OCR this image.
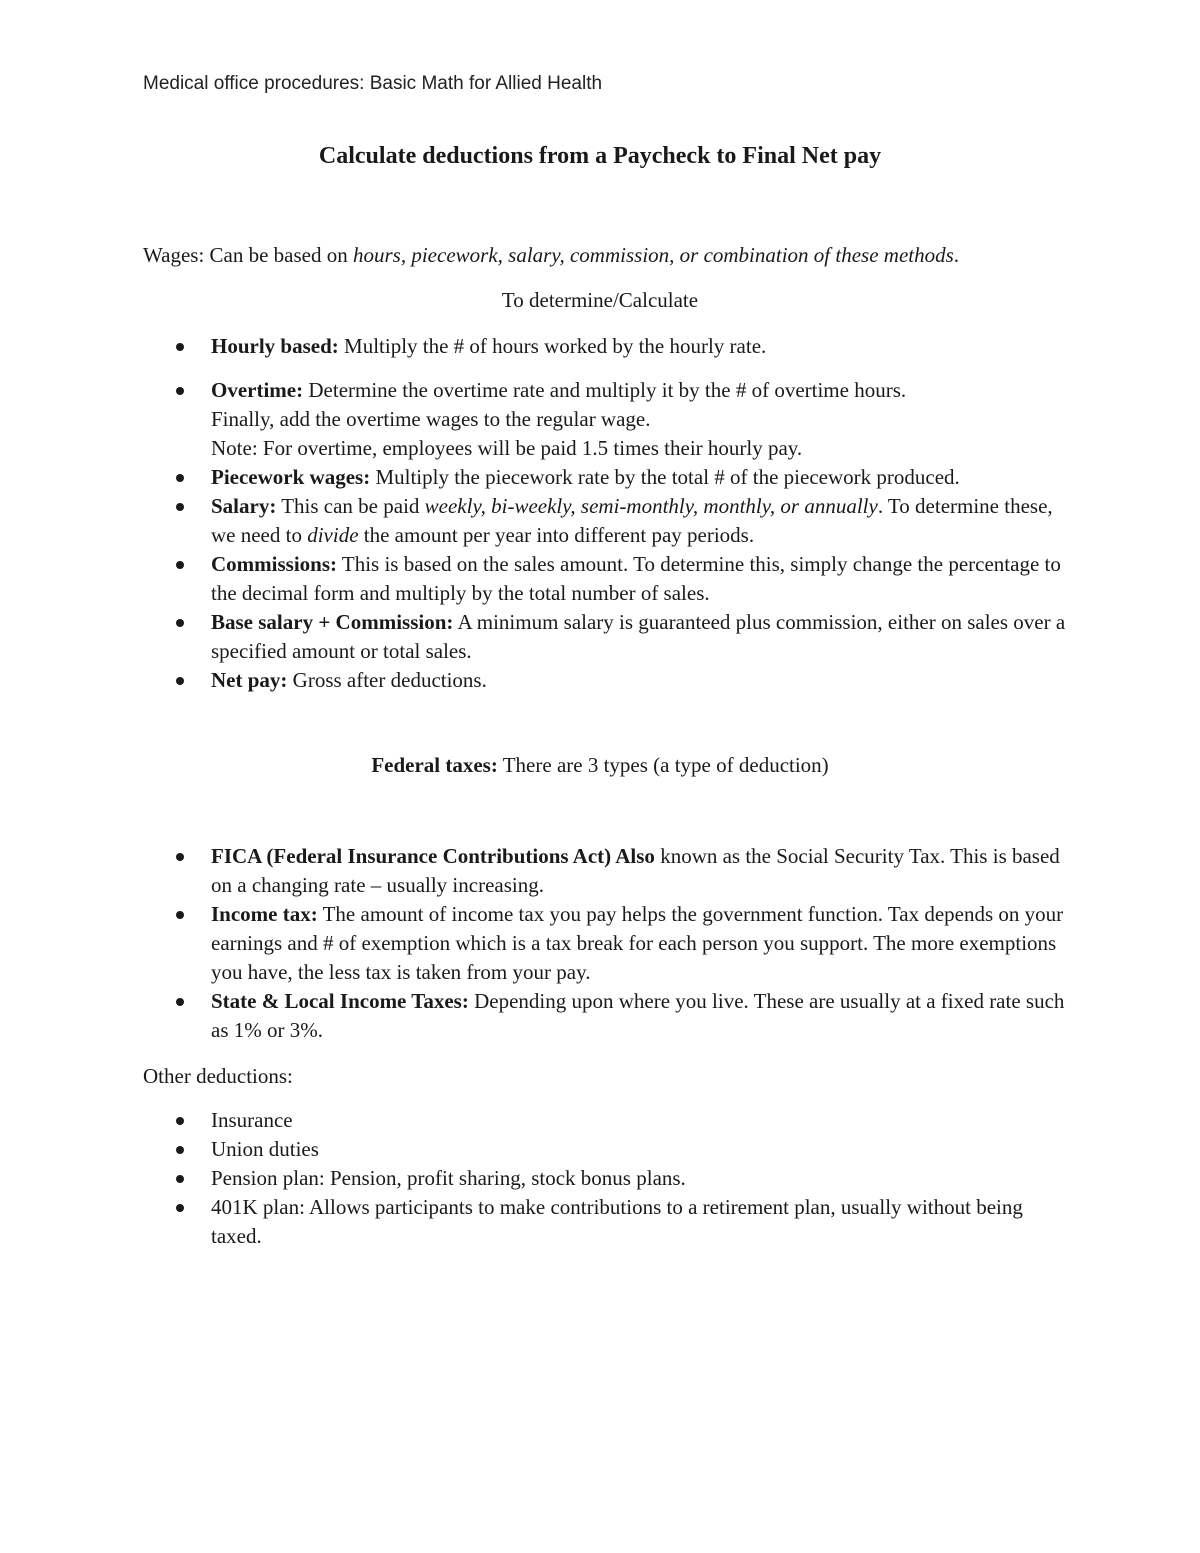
Medical office procedures: Basic Math for Allied Health
Calculate deductions from a Paycheck to Final Net pay
Wages: Can be based on hours, piecework, salary, commission, or combination of these methods.
To determine/Calculate
Hourly based: Multiply the # of hours worked by the hourly rate.
Overtime: Determine the overtime rate and multiply it by the # of overtime hours.
Finally, add the overtime wages to the regular wage.
Note: For overtime, employees will be paid 1.5 times their hourly pay.
Piecework wages: Multiply the piecework rate by the total # of the piecework produced.
Salary: This can be paid weekly, bi-weekly, semi-monthly, monthly, or annually. To determine these, we need to divide the amount per year into different pay periods.
Commissions: This is based on the sales amount. To determine this, simply change the percentage to the decimal form and multiply by the total number of sales.
Base salary + Commission: A minimum salary is guaranteed plus commission, either on sales over a specified amount or total sales.
Net pay: Gross after deductions.
Federal taxes: There are 3 types (a type of deduction)
FICA (Federal Insurance Contributions Act) Also known as the Social Security Tax. This is based on a changing rate – usually increasing.
Income tax: The amount of income tax you pay helps the government function. Tax depends on your earnings and # of exemption which is a tax break for each person you support. The more exemptions you have, the less tax is taken from your pay.
State & Local Income Taxes: Depending upon where you live. These are usually at a fixed rate such as 1% or 3%.
Other deductions:
Insurance
Union duties
Pension plan: Pension, profit sharing, stock bonus plans.
401K plan: Allows participants to make contributions to a retirement plan, usually without being taxed.
